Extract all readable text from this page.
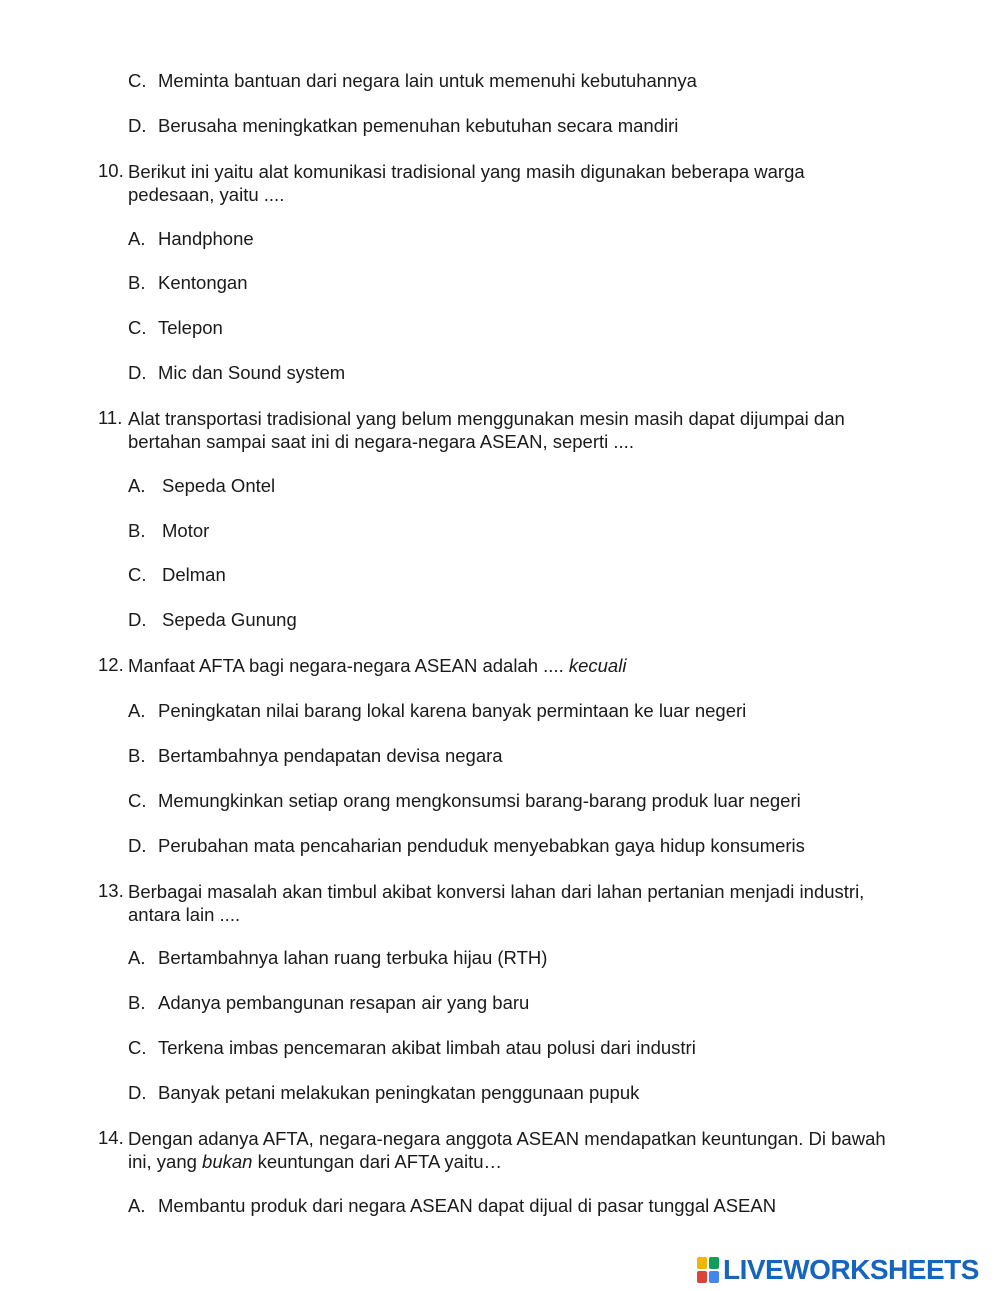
C. Meminta bantuan dari negara lain untuk memenuhi kebutuhannya
D. Berusaha meningkatkan pemenuhan kebutuhan secara mandiri
10. Berikut ini yaitu alat komunikasi tradisional yang masih digunakan beberapa warga
pedesaan, yaitu ....
A. Handphone
B. Kentongan
C. Telepon
D. Mic dan Sound system
11. Alat transportasi tradisional yang belum menggunakan mesin masih dapat dijumpai dan
bertahan sampai saat ini di negara-negara ASEAN, seperti ....
A. Sepeda Ontel
B. Motor
C. Delman
D. Sepeda Gunung
12. Manfaat AFTA bagi negara-negara ASEAN adalah .... kecuali
A. Peningkatan nilai barang lokal karena banyak permintaan ke luar negeri
B. Bertambahnya pendapatan devisa negara
C. Memungkinkan setiap orang mengkonsumsi barang-barang produk luar negeri
D. Perubahan mata pencaharian penduduk menyebabkan gaya hidup konsumeris
13. Berbagai masalah akan timbul akibat konversi lahan dari lahan pertanian menjadi industri,
antara lain ....
A. Bertambahnya lahan ruang terbuka hijau (RTH)
B. Adanya pembangunan resapan air yang baru
C. Terkena imbas pencemaran akibat limbah atau polusi dari industri
D. Banyak petani melakukan peningkatan penggunaan pupuk
14. Dengan adanya AFTA, negara-negara anggota ASEAN mendapatkan keuntungan. Di bawah
ini, yang bukan keuntungan dari AFTA yaitu…
A. Membantu produk dari negara ASEAN dapat dijual di pasar tunggal ASEAN
LIVEWORKSHEETS
